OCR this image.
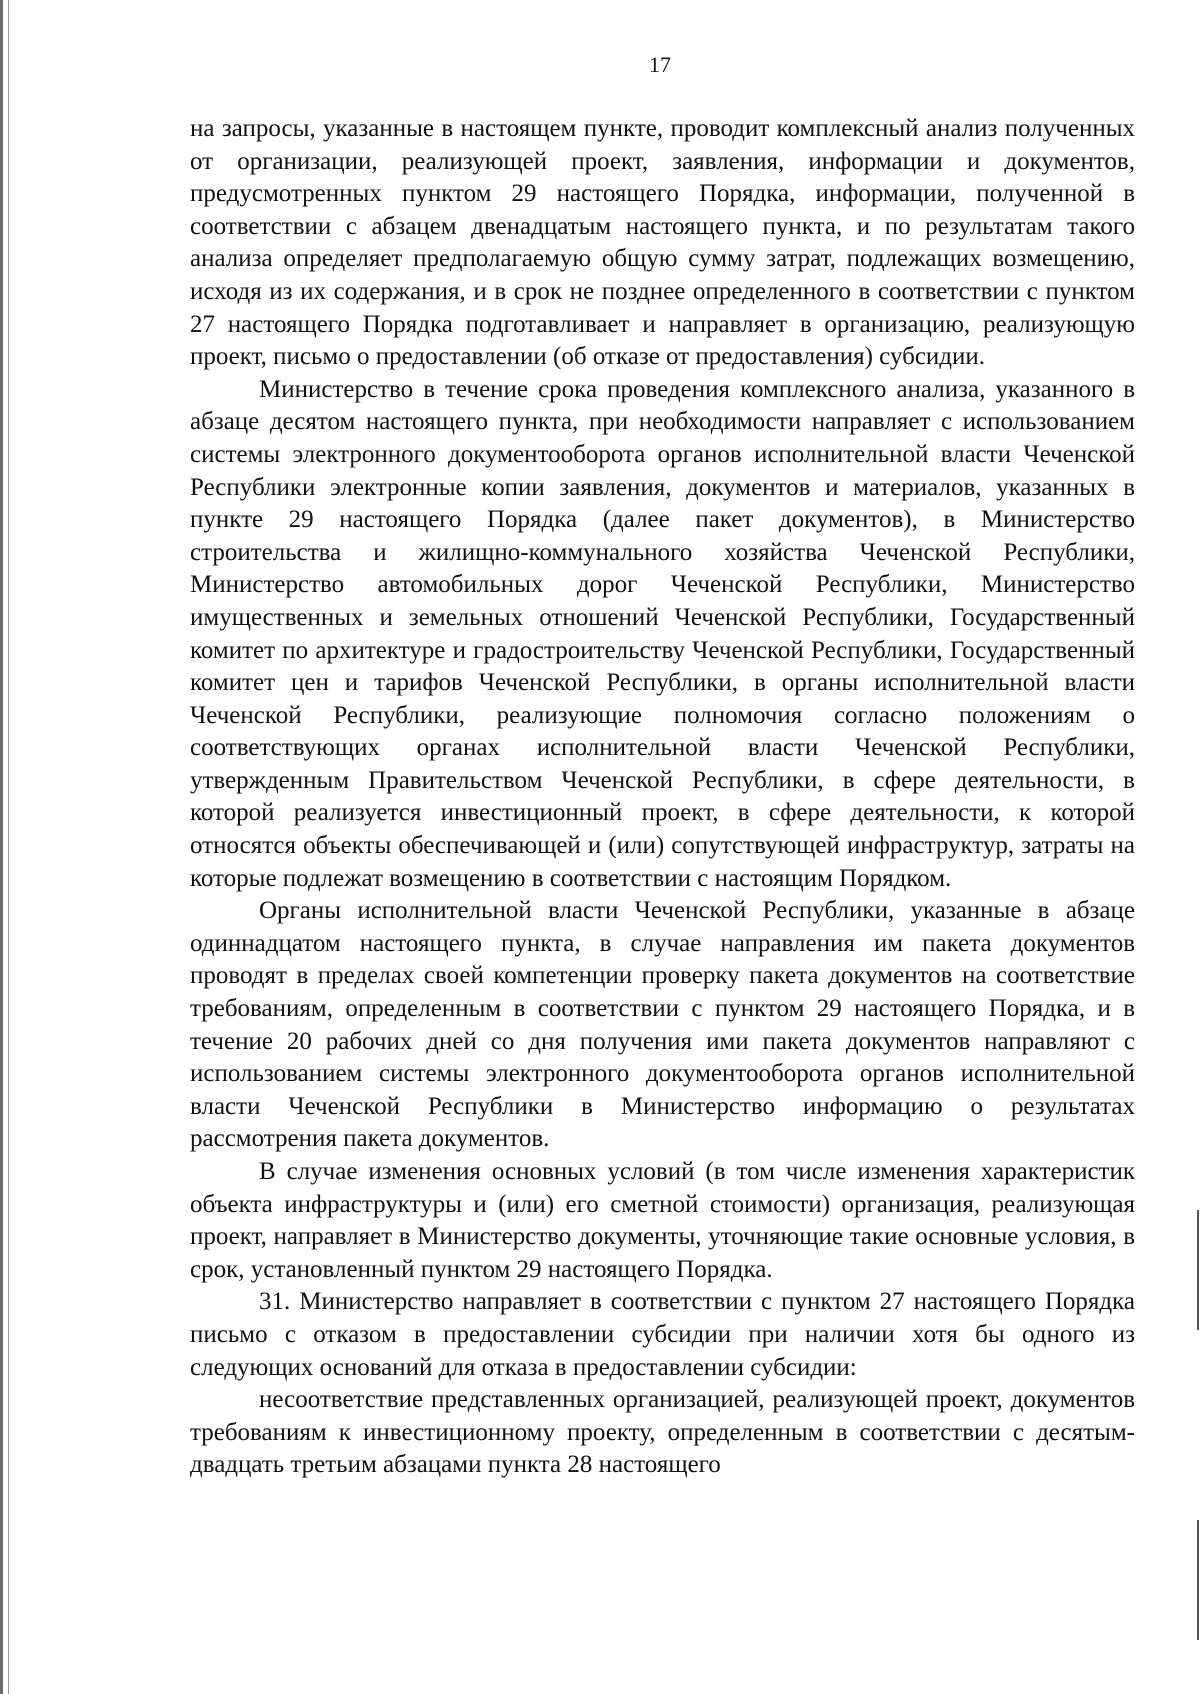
17

на запросы, указанные в настоящем пункте, проводит комплексный анализ полученных от организации, реализующей проект, заявления, информации и документов, предусмотренных пунктом 29 настоящего Порядка, информации, полученной в соответствии с абзацем двенадцатым настоящего пункта, и по результатам такого анализа определяет предполагаемую общую сумму затрат, подлежащих возмещению, исходя из их содержания, и в срок не позднее определенного в соответствии с пунктом 27 настоящего Порядка подготавливает и направляет в организацию, реализующую проект, письмо о предоставлении (об отказе от предоставления) субсидии.

Министерство в течение срока проведения комплексного анализа, указанного в абзаце десятом настоящего пункта, при необходимости направляет с использованием системы электронного документооборота органов исполнительной власти Чеченской Республики электронные копии заявления, документов и материалов, указанных в пункте 29 настоящего Порядка (далее пакет документов), в Министерство строительства и жилищно-коммунального хозяйства Чеченской Республики, Министерство автомобильных дорог Чеченской Республики, Министерство имущественных и земельных отношений Чеченской Республики, Государственный комитет по архитектуре и градостроительству Чеченской Республики, Государственный комитет цен и тарифов Чеченской Республики, в органы исполнительной власти Чеченской Республики, реализующие полномочия согласно положениям о соответствующих органах исполнительной власти Чеченской Республики, утвержденным Правительством Чеченской Республики, в сфере деятельности, в которой реализуется инвестиционный проект, в сфере деятельности, к которой относятся объекты обеспечивающей и (или) сопутствующей инфраструктур, затраты на которые подлежат возмещению в соответствии с настоящим Порядком.

Органы исполнительной власти Чеченской Республики, указанные в абзаце одиннадцатом настоящего пункта, в случае направления им пакета документов проводят в пределах своей компетенции проверку пакета документов на соответствие требованиям, определенным в соответствии с пунктом 29 настоящего Порядка, и в течение 20 рабочих дней со дня получения ими пакета документов направляют с использованием системы электронного документооборота органов исполнительной власти Чеченской Республики в Министерство информацию о результатах рассмотрения пакета документов.

В случае изменения основных условий (в том числе изменения характеристик объекта инфраструктуры и (или) его сметной стоимости) организация, реализующая проект, направляет в Министерство документы, уточняющие такие основные условия, в срок, установленный пунктом 29 настоящего Порядка.

31. Министерство направляет в соответствии с пунктом 27 настоящего Порядка письмо с отказом в предоставлении субсидии при наличии хотя бы одного из следующих оснований для отказа в предоставлении субсидии:

несоответствие представленных организацией, реализующей проект, документов требованиям к инвестиционному проекту, определенным в соответствии с десятым-двадцать третьим абзацами пункта 28 настоящего
